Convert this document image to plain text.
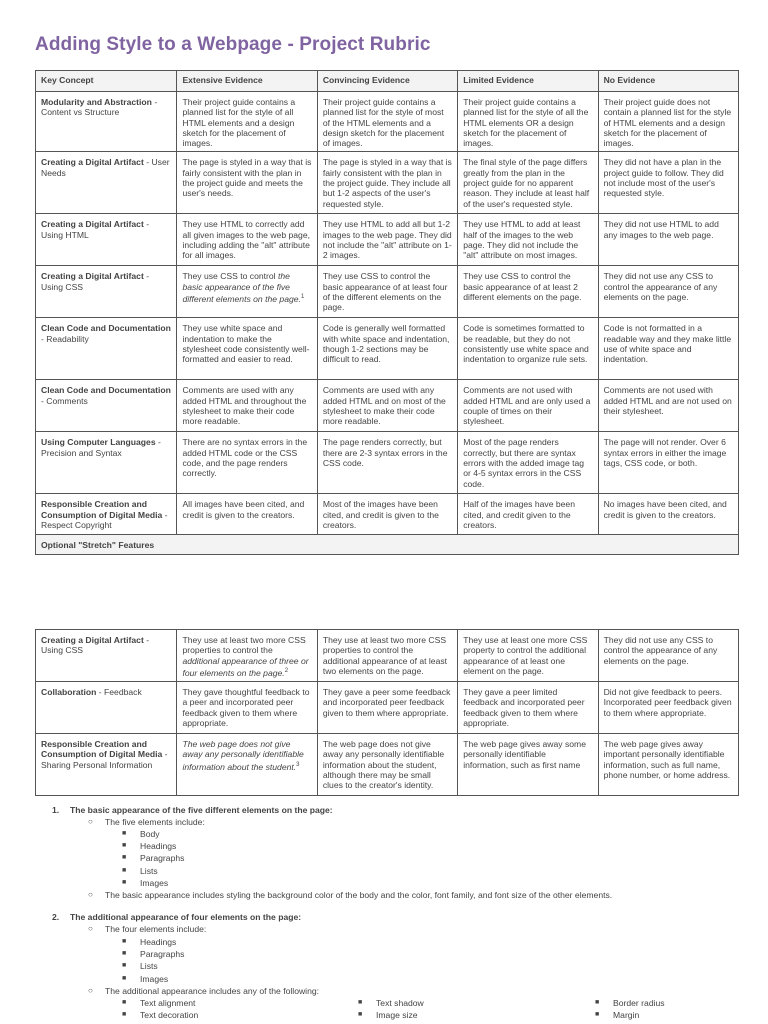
Adding Style to a Webpage - Project Rubric
Key Concept	Extensive Evidence	Convincing Evidence	Limited Evidence	No Evidence
Modularity and Abstraction - Content vs Structure	Their project guide contains a planned list for the style of all HTML elements and a design sketch for the placement of images.	Their project guide contains a planned list for the style of most of the HTML elements and a design sketch for the placement of images.	Their project guide contains a planned list for the style of all the HTML elements OR a design sketch for the placement of images.	Their project guide does not contain a planned list for the style of HTML elements and a design sketch for the placement of images.
Creating a Digital Artifact - User Needs	The page is styled in a way that is fairly consistent with the plan in the project guide and meets the user's needs.	The page is styled in a way that is fairly consistent with the plan in the project guide. They include all but 1-2 aspects of the user's requested style.	The final style of the page differs greatly from the plan in the project guide for no apparent reason. They include at least half of the user's requested style.	They did not have a plan in the project guide to follow. They did not include most of the user's requested style.
Creating a Digital Artifact - Using HTML	They use HTML to correctly add all given images to the web page, including adding the "alt" attribute for all images.	They use HTML to add all but 1-2 images to the web page. They did not include the "alt" attribute on 1-2 images.	They use HTML to add at least half of the images to the web page. They did not include the "alt" attribute on most images.	They did not use HTML to add any images to the web page.
Creating a Digital Artifact - Using CSS	They use CSS to control the basic appearance of the five different elements on the page.$^1$	They use CSS to control the basic appearance of at least four of the different elements on the page.	They use CSS to control the basic appearance of at least 2 different elements on the page.	They did not use any CSS to control the appearance of any elements on the page.
Clean Code and Documentation - Readability	They use white space and indentation to make the stylesheet code consistently well-formatted and easier to read.	Code is generally well formatted with white space and indentation, though 1-2 sections may be difficult to read.	Code is sometimes formatted to be readable, but they do not consistently use white space and indentation to organize rule sets.	Code is not formatted in a readable way and they make little use of white space and indentation.
Clean Code and Documentation - Comments	Comments are used with any added HTML and throughout the stylesheet to make their code more readable.	Comments are used with any added HTML and on most of the stylesheet to make their code more readable.	Comments are not used with added HTML and are only used a couple of times on their stylesheet.	Comments are not used with added HTML and are not used on their stylesheet.
Using Computer Languages - Precision and Syntax	There are no syntax errors in the added HTML code or the CSS code, and the page renders correctly.	The page renders correctly, but there are 2-3 syntax errors in the CSS code.	Most of the page renders correctly, but there are syntax errors with the added image tag or 4-5 syntax errors in the CSS code.	The page will not render. Over 6 syntax errors in either the image tags, CSS code, or both.
Responsible Creation and Consumption of Digital Media - Respect Copyright	All images have been cited, and credit is given to the creators.	Most of the images have been cited, and credit is given to the creators.	Half of the images have been cited, and credit given to the creators.	No images have been cited, and credit is given to the creators.
Optional "Stretch" Features				
Creating a Digital Artifact - Using CSS	They use at least two more CSS properties to control the additional appearance of three or four elements on the page.$^2$	They use at least two more CSS properties to control the additional appearance of at least two elements on the page.	They use at least one more CSS property to control the additional appearance of at least one element on the page.	They did not use any CSS to control the appearance of any elements on the page.
Collaboration - Feedback	They gave thoughtful feedback to a peer and incorporated peer feedback given to them where appropriate.	They gave a peer some feedback and incorporated peer feedback given to them where appropriate.	They gave a peer limited feedback and incorporated peer feedback given to them where appropriate.	Did not give feedback to peers. Incorporated peer feedback given to them where appropriate.
Responsible Creation and Consumption of Digital Media - Sharing Personal Information	The web page does not give away any personally identifiable information about the student.$^3$	The web page does not give away any personally identifiable information about the student, although there may be small clues to the creator's identity.	The web page gives away some personally identifiable information, such as first name	The web page gives away important personally identifiable information, such as full name, phone number, or home address.
1. The basic appearance of the five different elements on the page:
○ The five elements include:
■ Body
■ Headings
■ Paragraphs
■ Lists
■ Images
○ The basic appearance includes styling the background color of the body and the color, font family, and font size of the other elements.
2. The additional appearance of four elements on the page:
○ The four elements include:
■ Headings
■ Paragraphs
■ Lists
■ Images
○ The additional appearance includes any of the following:
■ Text alignment	■ Text shadow	■ Border radius
■ Text decoration	■ Image size	■ Margin
